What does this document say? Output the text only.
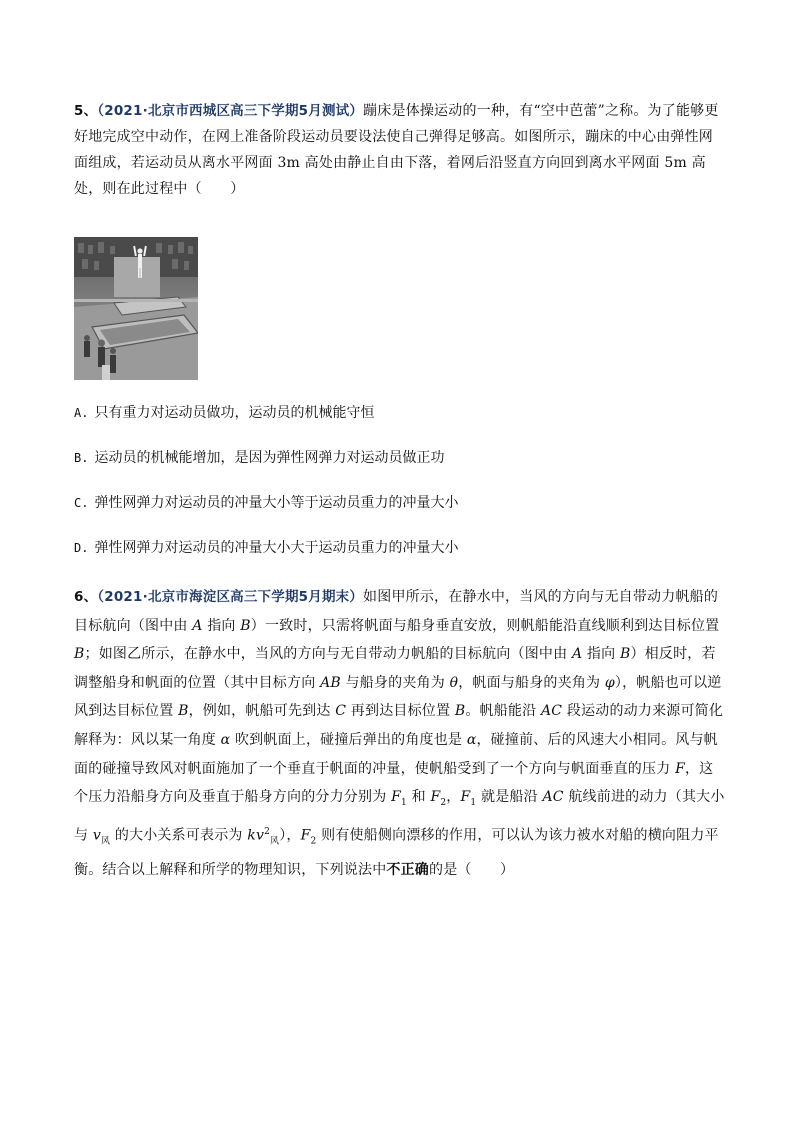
5、（2021·北京市西城区高三下学期5月测试）蹦床是体操运动的一种，有“空中芭蕾”之称。为了能够更好地完成空中动作，在网上准备阶段运动员要设法使自己弹得足够高。如图所示，蹦床的中心由弹性网面组成，若运动员从离水平网面 3m 高处由静止自由下落，着网后沿竖直方向回到离水平网面 5m 高处，则在此过程中（　　）

A. 只有重力对运动员做功，运动员的机械能守恒
B. 运动员的机械能增加，是因为弹性网弹力对运动员做正功
C. 弹性网弹力对运动员的冲量大小等于运动员重力的冲量大小
D. 弹性网弹力对运动员的冲量大小大于运动员重力的冲量大小

6、（2021·北京市海淀区高三下学期5月期末）如图甲所示，在静水中，当风的方向与无自带动力帆船的目标航向（图中由 A 指向 B）一致时，只需将帆面与船身垂直安放，则帆船能沿直线顺利到达目标位置 B；如图乙所示，在静水中，当风的方向与无自带动力帆船的目标航向（图中由 A 指向 B）相反时，若调整船身和帆面的位置（其中目标方向 AB 与船身的夹角为 θ，帆面与船身的夹角为 φ），帆船也可以逆风到达目标位置 B，例如，帆船可先到达 C 再到达目标位置 B。帆船能沿 AC 段运动的动力来源可简化解释为：风以某一角度 α 吹到帆面上，碰撞后弹出的角度也是 α，碰撞前、后的风速大小相同。风与帆面的碰撞导致风对帆面施加了一个垂直于帆面的冲量，使帆船受到了一个方向与帆面垂直的压力 F，这个压力沿船身方向及垂直于船身方向的分力分别为 $F_1$ 和 $F_2$，$F_1$ 就是船沿 AC 航线前进的动力（其大小与 $v_风$ 的大小关系可表示为 $kv^2_风$），$F_2$ 则有使船侧向漂移的作用，可以认为该力被水对船的横向阻力平衡。结合以上解释和所学的物理知识，下列说法中不正确的是（　　）
